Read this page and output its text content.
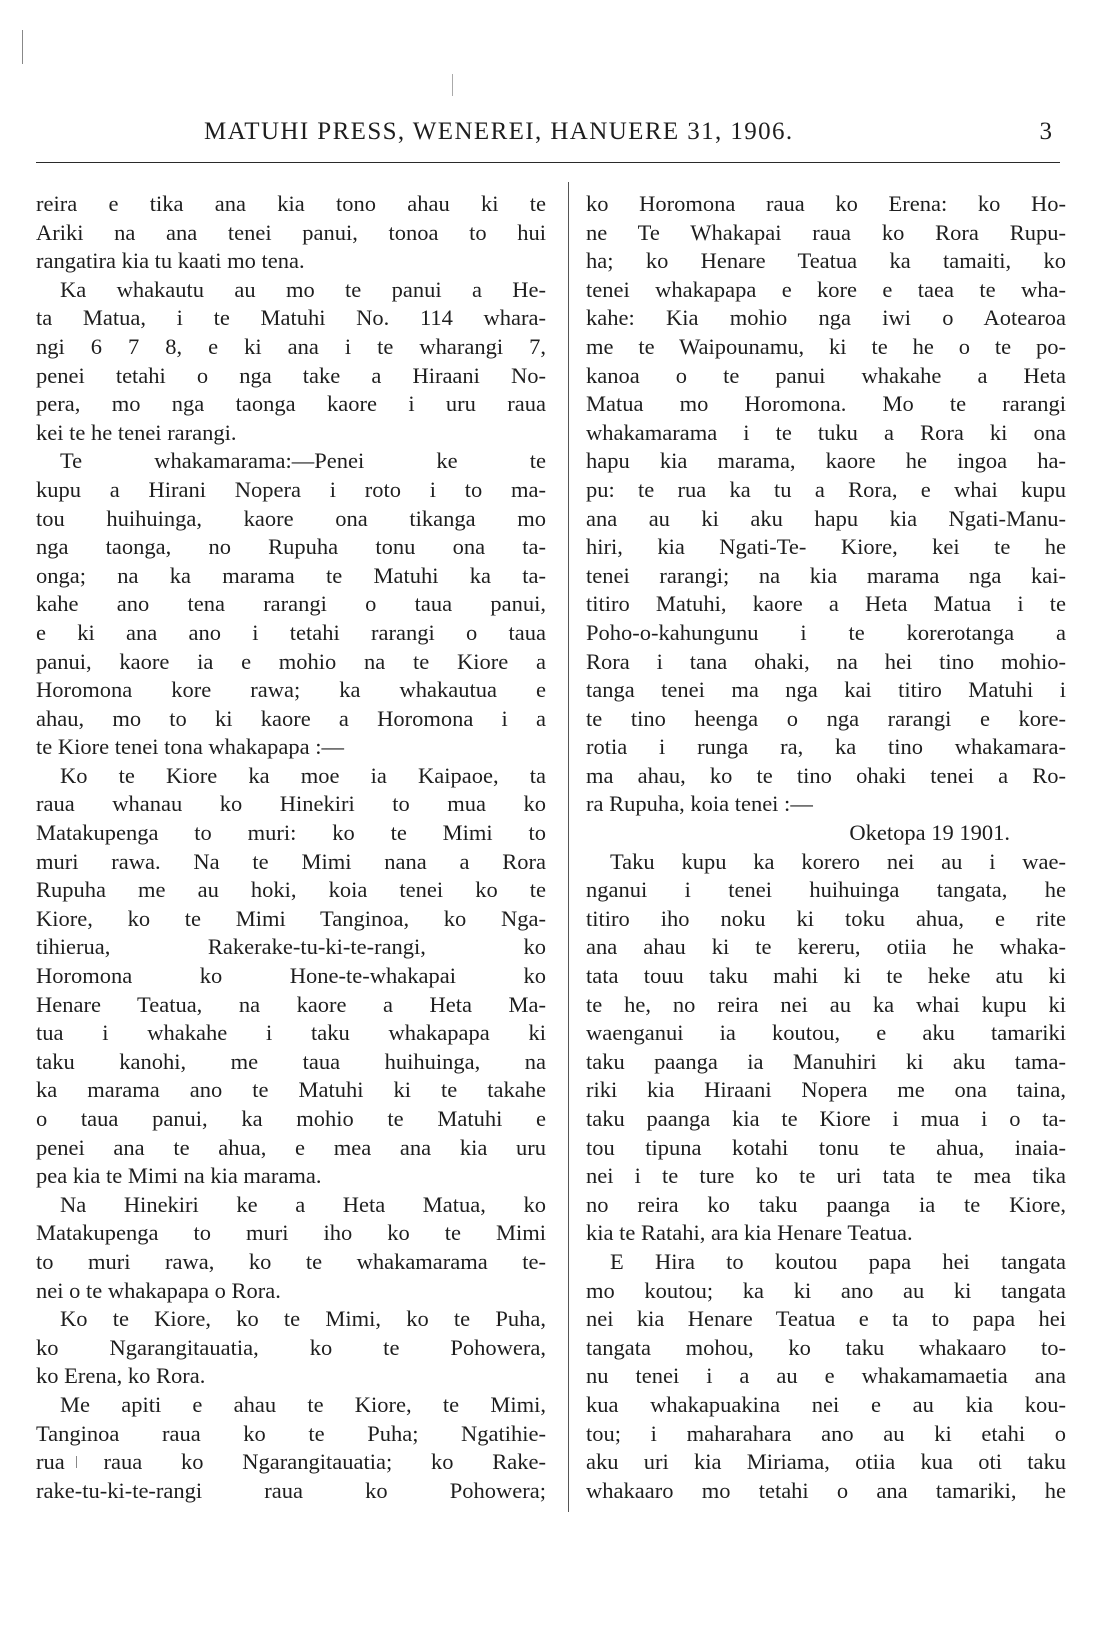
MATUHI PRESS, WENEREI, HANUERE 31, 1906.	3
reira e tika ana kia tono ahau ki te
Ariki na ana tenei panui, tonoa to hui
rangatira kia tu kaati mo tena.
Ka whakautu au mo te panui a He-
ta Matua, i te Matuhi No. 114 whara-
ngi 6 7 8, e ki ana i te wharangi 7,
penei tetahi o nga take a Hiraani No-
pera, mo nga taonga kaore i uru raua
kei te he tenei rarangi.
Te whakamarama:—Penei ke te
kupu a Hirani Nopera i roto i to ma-
tou huihuinga, kaore ona tikanga mo
nga taonga, no Rupuha tonu ona ta-
onga; na ka marama te Matuhi ka ta-
kahe ano tena rarangi o taua panui,
e ki ana ano i tetahi rarangi o taua
panui, kaore ia e mohio na te Kiore a
Horomona kore rawa; ka whakautua e
ahau, mo to ki kaore a Horomona i a
te Kiore tenei tona whakapapa :—
Ko te Kiore ka moe ia Kaipaoe, ta
raua whanau ko Hinekiri to mua ko
Matakupenga to muri: ko te Mimi to
muri rawa. Na te Mimi nana a Rora
Rupuha me au hoki, koia tenei ko te
Kiore, ko te Mimi Tanginoa, ko Nga-
tihierua, Rakerake-tu-ki-te-rangi, ko
Horomona ko Hone-te-whakapai ko
Henare Teatua, na kaore a Heta Ma-
tua i whakahe i taku whakapapa ki
taku kanohi, me taua huihuinga, na
ka marama ano te Matuhi ki te takahe
o taua panui, ka mohio te Matuhi e
penei ana te ahua, e mea ana kia uru
pea kia te Mimi na kia marama.
Na Hinekiri ke a Heta Matua, ko
Matakupenga to muri iho ko te Mimi
to muri rawa, ko te whakamarama te-
nei o te whakapapa o Rora.
Ko te Kiore, ko te Mimi, ko te Puha,
ko Ngarangitauatia, ko te Pohowera,
ko Erena, ko Rora.
Me apiti e ahau te Kiore, te Mimi,
Tanginoa raua ko te Puha; Ngatihie-
rua raua ko Ngarangitauatia; ko Rake-
rake-tu-ki-te-rangi raua ko Pohowera;
ko Horomona raua ko Erena: ko Ho-
ne Te Whakapai raua ko Rora Rupu-
ha; ko Henare Teatua ka tamaiti, ko
tenei whakapapa e kore e taea te wha-
kahe: Kia mohio nga iwi o Aotearoa
me te Waipounamu, ki te he o te po-
kanoa o te panui whakahe a Heta
Matua mo Horomona. Mo te rarangi
whakamarama i te tuku a Rora ki ona
hapu kia marama, kaore he ingoa ha-
pu: te rua ka tu a Rora, e whai kupu
ana au ki aku hapu kia Ngati-Manu-
hiri, kia Ngati-Te- Kiore, kei te he
tenei rarangi; na kia marama nga kai-
titiro Matuhi, kaore a Heta Matua i te
Poho-o-kahungunu i te korerotanga a
Rora i tana ohaki, na hei tino mohio-
tanga tenei ma nga kai titiro Matuhi i
te tino heenga o nga rarangi e kore-
rotia i runga ra, ka tino whakamara-
ma ahau, ko te tino ohaki tenei a Ro-
ra Rupuha, koia tenei :—
Oketopa 19 1901.
Taku kupu ka korero nei au i wae-
nganui i tenei huihuinga tangata, he
titiro iho noku ki toku ahua, e rite
ana ahau ki te kereru, otiia he whaka-
tata touu taku mahi ki te heke atu ki
te he, no reira nei au ka whai kupu ki
waenganui ia koutou, e aku tamariki
taku paanga ia Manuhiri ki aku tama-
riki kia Hiraani Nopera me ona taina,
taku paanga kia te Kiore i mua i o ta-
tou tipuna kotahi tonu te ahua, inaia-
nei i te ture ko te uri tata te mea tika
no reira ko taku paanga ia te Kiore,
kia te Ratahi, ara kia Henare Teatua.
E Hira to koutou papa hei tangata
mo koutou; ka ki ano au ki tangata
nei kia Henare Teatua e ta to papa hei
tangata mohou, ko taku whakaaro to-
nu tenei i a au e whakamamaetia ana
kua whakapuakina nei e au kia kou-
tou; i maharahara ano au ki etahi o
aku uri kia Miriama, otiia kua oti taku
whakaaro mo tetahi o ana tamariki, he
